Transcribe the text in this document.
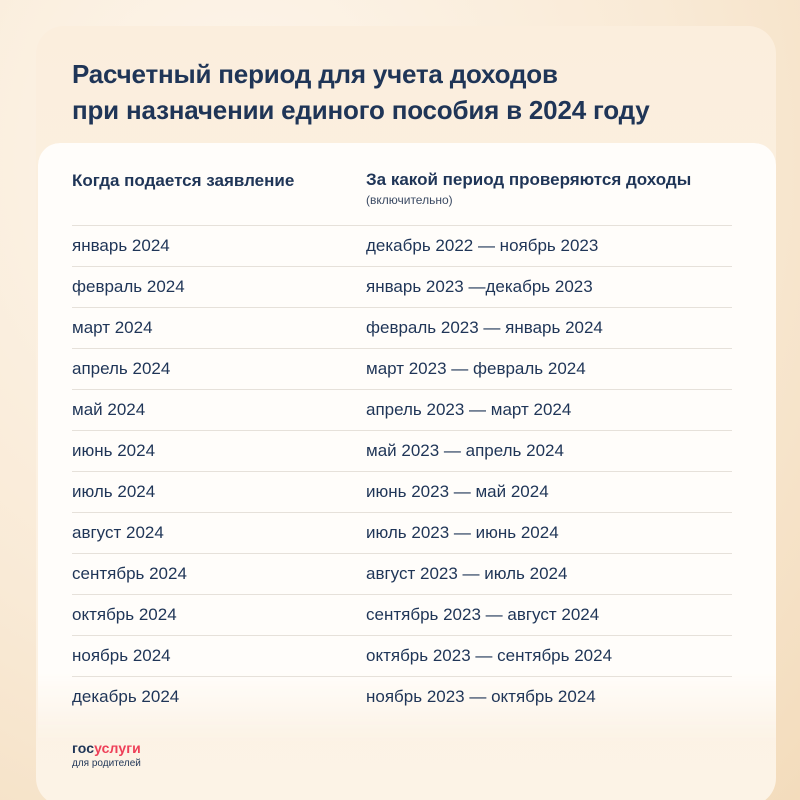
Расчетный период для учета доходов
при назначении единого пособия в 2024 году
Когда подается заявление	За какой период проверяются доходы
(включительно)
январь 2024	декабрь 2022 — ноябрь 2023
февраль 2024	январь 2023 —декабрь 2023
март 2024	февраль 2023 — январь 2024
апрель 2024	март 2023 — февраль 2024
май 2024	апрель 2023 — март 2024
июнь 2024	май 2023 — апрель 2024
июль 2024	июнь 2023 — май 2024
август 2024	июль 2023 — июнь 2024
сентябрь 2024	август 2023 — июль 2024
октябрь 2024	сентябрь 2023 — август 2024
ноябрь 2024	октябрь 2023 — сентябрь 2024
декабрь 2024	ноябрь 2023 — октябрь 2024
госуслуги
для родителей
